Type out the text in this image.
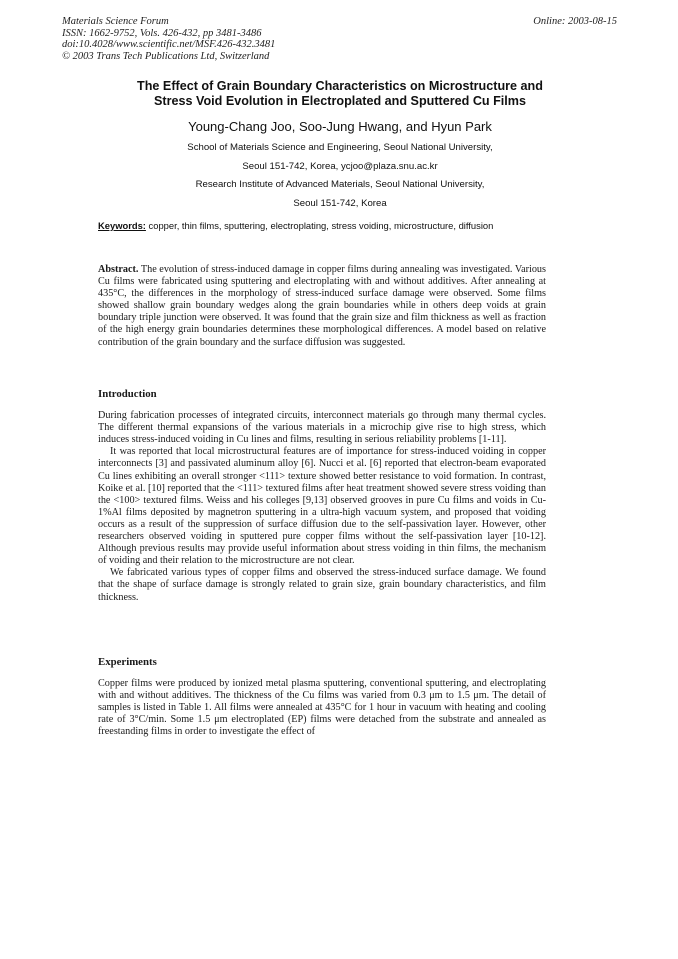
Materials Science Forum
ISSN: 1662-9752, Vols. 426-432, pp 3481-3486
doi:10.4028/www.scientific.net/MSF.426-432.3481
© 2003 Trans Tech Publications Ltd, Switzerland
Online: 2003-08-15
The Effect of Grain Boundary Characteristics on Microstructure and
Stress Void Evolution in Electroplated and Sputtered Cu Films
Young-Chang Joo, Soo-Jung Hwang, and Hyun Park
School of Materials Science and Engineering, Seoul National University,
Seoul 151-742, Korea, ycjoo@plaza.snu.ac.kr
Research Institute of Advanced Materials, Seoul National University,
Seoul 151-742, Korea
Keywords: copper, thin films, sputtering, electroplating, stress voiding, microstructure, diffusion

Abstract. The evolution of stress-induced damage in copper films during annealing was investigated. Various Cu films were fabricated using sputtering and electroplating with and without additives. After annealing at 435°C, the differences in the morphology of stress-induced surface damage were observed. Some films showed shallow grain boundary wedges along the grain boundaries while in others deep voids at grain boundary triple junction were observed. It was found that the grain size and film thickness as well as fraction of the high energy grain boundaries determines these morphological differences. A model based on relative contribution of the grain boundary and the surface diffusion was suggested.

Introduction

During fabrication processes of integrated circuits, interconnect materials go through many thermal cycles. The different thermal expansions of the various materials in a microchip give rise to high stress, which induces stress-induced voiding in Cu lines and films, resulting in serious reliability problems [1-11].

It was reported that local microstructural features are of importance for stress-induced voiding in copper interconnects [3] and passivated aluminum alloy [6]. Nucci et al. [6] reported that electron-beam evaporated Cu lines exhibiting an overall stronger <111> texture showed better resistance to void formation. In contrast, Koike et al. [10] reported that the <111> textured films after heat treatment showed severe stress voiding than the <100> textured films. Weiss and his colleges [9,13] observed grooves in pure Cu films and voids in Cu-1%Al films deposited by magnetron sputtering in a ultra-high vacuum system, and proposed that voiding occurs as a result of the suppression of surface diffusion due to the self-passivation layer. However, other researchers observed voiding in sputtered pure copper films without the self-passivation layer [10-12]. Although previous results may provide useful information about stress voiding in thin films, the mechanism of voiding and their relation to the microstructure are not clear.

We fabricated various types of copper films and observed the stress-induced surface damage. We found that the shape of surface damage is strongly related to grain size, grain boundary characteristics, and film thickness.

Experiments

Copper films were produced by ionized metal plasma sputtering, conventional sputtering, and electroplating with and without additives. The thickness of the Cu films was varied from 0.3 μm to 1.5 μm. The detail of samples is listed in Table 1. All films were annealed at 435°C for 1 hour in vacuum with heating and cooling rate of 3°C/min. Some 1.5 μm electroplated (EP) films were detached from the substrate and annealed as freestanding films in order to investigate the effect of
